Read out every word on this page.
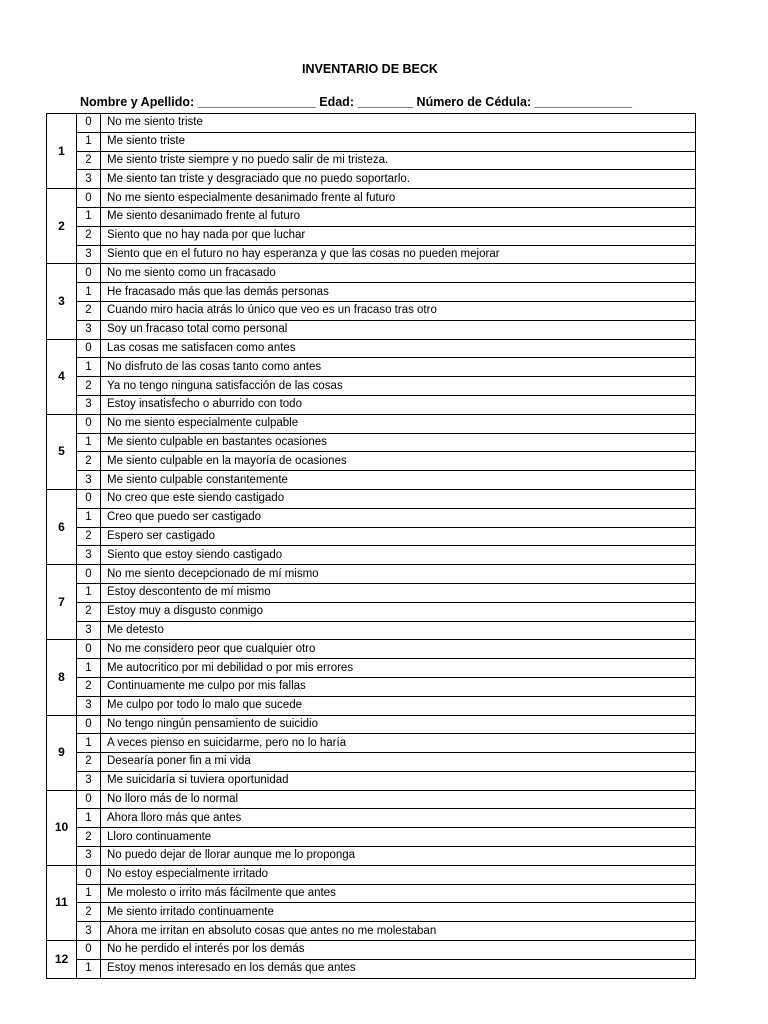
INVENTARIO DE BECK
Nombre y Apellido: _________________ Edad: ________ Número de Cédula: ______________
1	0	No me siento triste
	1	Me siento triste
	2	Me siento triste siempre y no puedo salir de mi tristeza.
	3	Me siento tan triste y desgraciado que no puedo soportarlo.
2	0	No me siento especialmente desanimado frente al futuro
	1	Me siento desanimado frente al futuro
	2	Siento que no hay nada por que luchar
	3	Siento que en el futuro no hay esperanza y que las cosas no pueden mejorar
3	0	No me siento como un fracasado
	1	He fracasado más que las demás personas
	2	Cuando miro hacia atrás lo único que veo es un fracaso tras otro
	3	Soy un fracaso total como personal
4	0	Las cosas me satisfacen como antes
	1	No disfruto de las cosas tanto como antes
	2	Ya no tengo ninguna satisfacción de las cosas
	3	Estoy insatisfecho o aburrido con todo
5	0	No me siento especialmente culpable
	1	Me siento culpable en bastantes ocasiones
	2	Me siento culpable en la mayoría de ocasiones
	3	Me siento culpable constantemente
6	0	No creo que este siendo castigado
	1	Creo que puedo ser castigado
	2	Espero ser castigado
	3	Siento que estoy siendo castigado
7	0	No me siento decepcionado de mí mismo
	1	Estoy descontento de mí mismo
	2	Estoy muy a disgusto conmigo
	3	Me detesto
8	0	No me considero peor que cualquier otro
	1	Me autocritico por mi debilidad o por mis errores
	2	Continuamente me culpo por mis fallas
	3	Me culpo por todo lo malo que sucede
9	0	No tengo ningún pensamiento de suicidio
	1	A veces pienso en suicidarme, pero no lo haría
	2	Desearía poner fin a mi vida
	3	Me suicidaría si tuviera oportunidad
10	0	No lloro más de lo normal
	1	Ahora lloro más que antes
	2	Lloro continuamente
	3	No puedo dejar de llorar aunque me lo proponga
11	0	No estoy especialmente irritado
	1	Me molesto o irrito más fácilmente que antes
	2	Me siento irritado continuamente
	3	Ahora me irritan en absoluto cosas que antes no me molestaban
12	0	No he perdido el interés por los demás
	1	Estoy menos interesado en los demás que antes
